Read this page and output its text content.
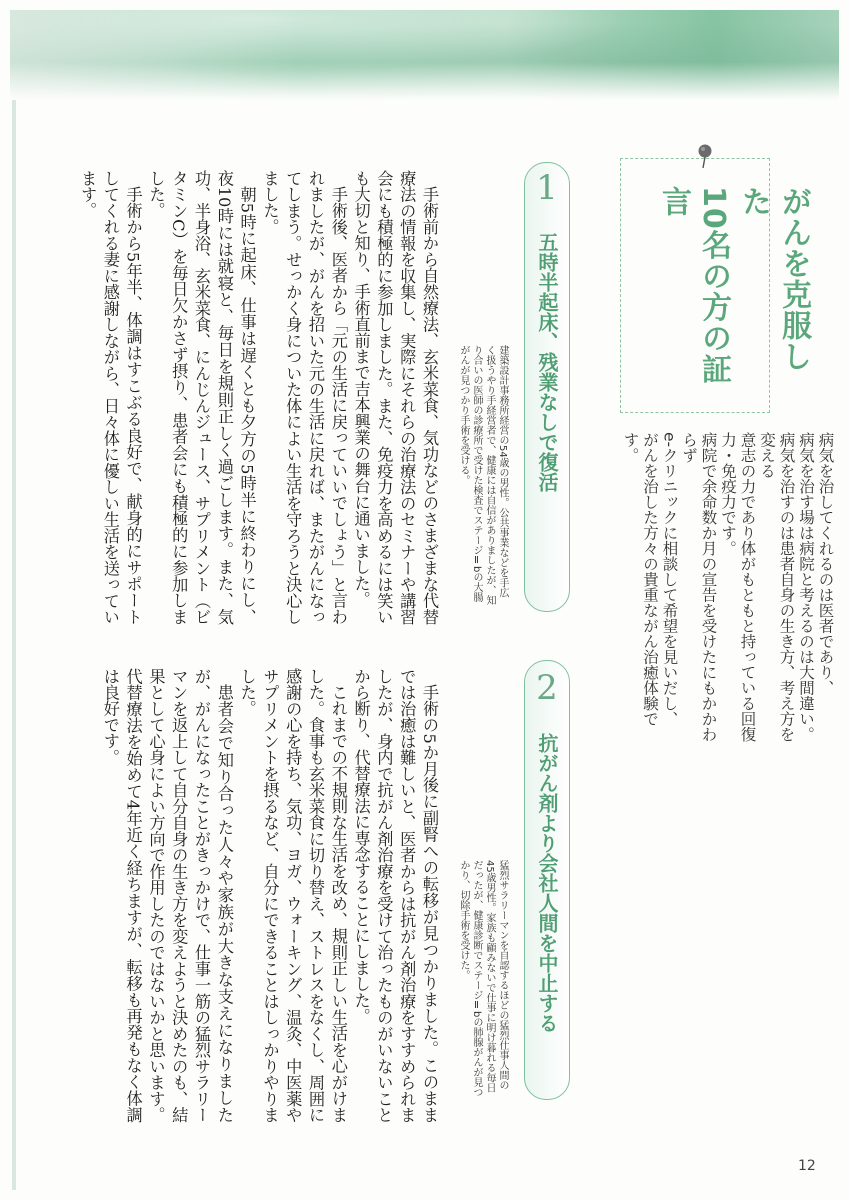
がんを克服した
10名の方の証言
病気を治してくれるのは医者であり、
病気を治す場は病院と考えるのは大間違い。
病気を治すのは患者自身の生き方、考え方を変える
意志の力であり体がもともと持っている回復力・免疫力です。
病院で余命数か月の宣告を受けたにもかかわらず
e-クリニックに相談して希望を見いだし、
がんを治した方々の貴重ながん治癒体験です。
1
五時半起床、残業なしで復活
建築設計事務所経営の54歳の男性。公共事業などを手広く扱うやり手経営者で、健康には自信がありましたが、知り合いの医師の診療所で受けた検査でステージⅡbの大腸がんが見つかり手術を受ける。

手術前から自然療法、玄米菜食、気功などのさまざまな代替療法の情報を収集し、実際にそれらの治療法のセミナーや講習会にも積極的に参加しました。また、免疫力を高めるには笑いも大切と知り、手術直前まで吉本興業の舞台に通いました。

手術後、医者から「元の生活に戻っていいでしょう」と言われましたが、がんを招いた元の生活に戻れば、またがんになってしまう。せっかく身についた体によい生活を守ろうと決心しました。

朝5時に起床、仕事は遅くとも夕方の5時半に終わりにし、夜10時には就寝と、毎日を規則正しく過ごします。また、気功、半身浴、玄米菜食、にんじんジュース、サプリメント（ビタミンC）を毎日欠かさず摂り、患者会にも積極的に参加しました。

手術から5年半、体調はすこぶる良好で、献身的にサポートしてくれる妻に感謝しながら、日々体に優しい生活を送っています。

2
抗がん剤より会社人間を中止する
猛烈サラリーマンを自認するほどの猛烈仕事人間の45歳男性。家族も顧みないで仕事に明け暮れる毎日だったが、健康診断でステージⅡbの肺腺がんが見つかり、切除手術を受けた。

手術の5か月後に副腎への転移が見つかりました。このままでは治癒は難しいと、医者からは抗がん剤治療をすすめられましたが、身内で抗がん剤治療を受けて治ったものがいないことから断り、代替療法に専念することにしました。

これまでの不規則な生活を改め、規則正しい生活を心がけました。食事も玄米菜食に切り替え、ストレスをなくし、周囲に感謝の心を持ち、気功、ヨガ、ウォーキング、温灸、中医薬やサプリメントを摂るなど、自分にできることはしっかりやりました。

患者会で知り合った人々や家族が大きな支えになりましたが、がんになったことがきっかけで、仕事一筋の猛烈サラリーマンを返上して自分自身の生き方を変えようと決めたのも、結果として心身によい方向で作用したのではないかと思います。代替療法を始めて4年近く経ちますが、転移も再発もなく体調は良好です。

12
